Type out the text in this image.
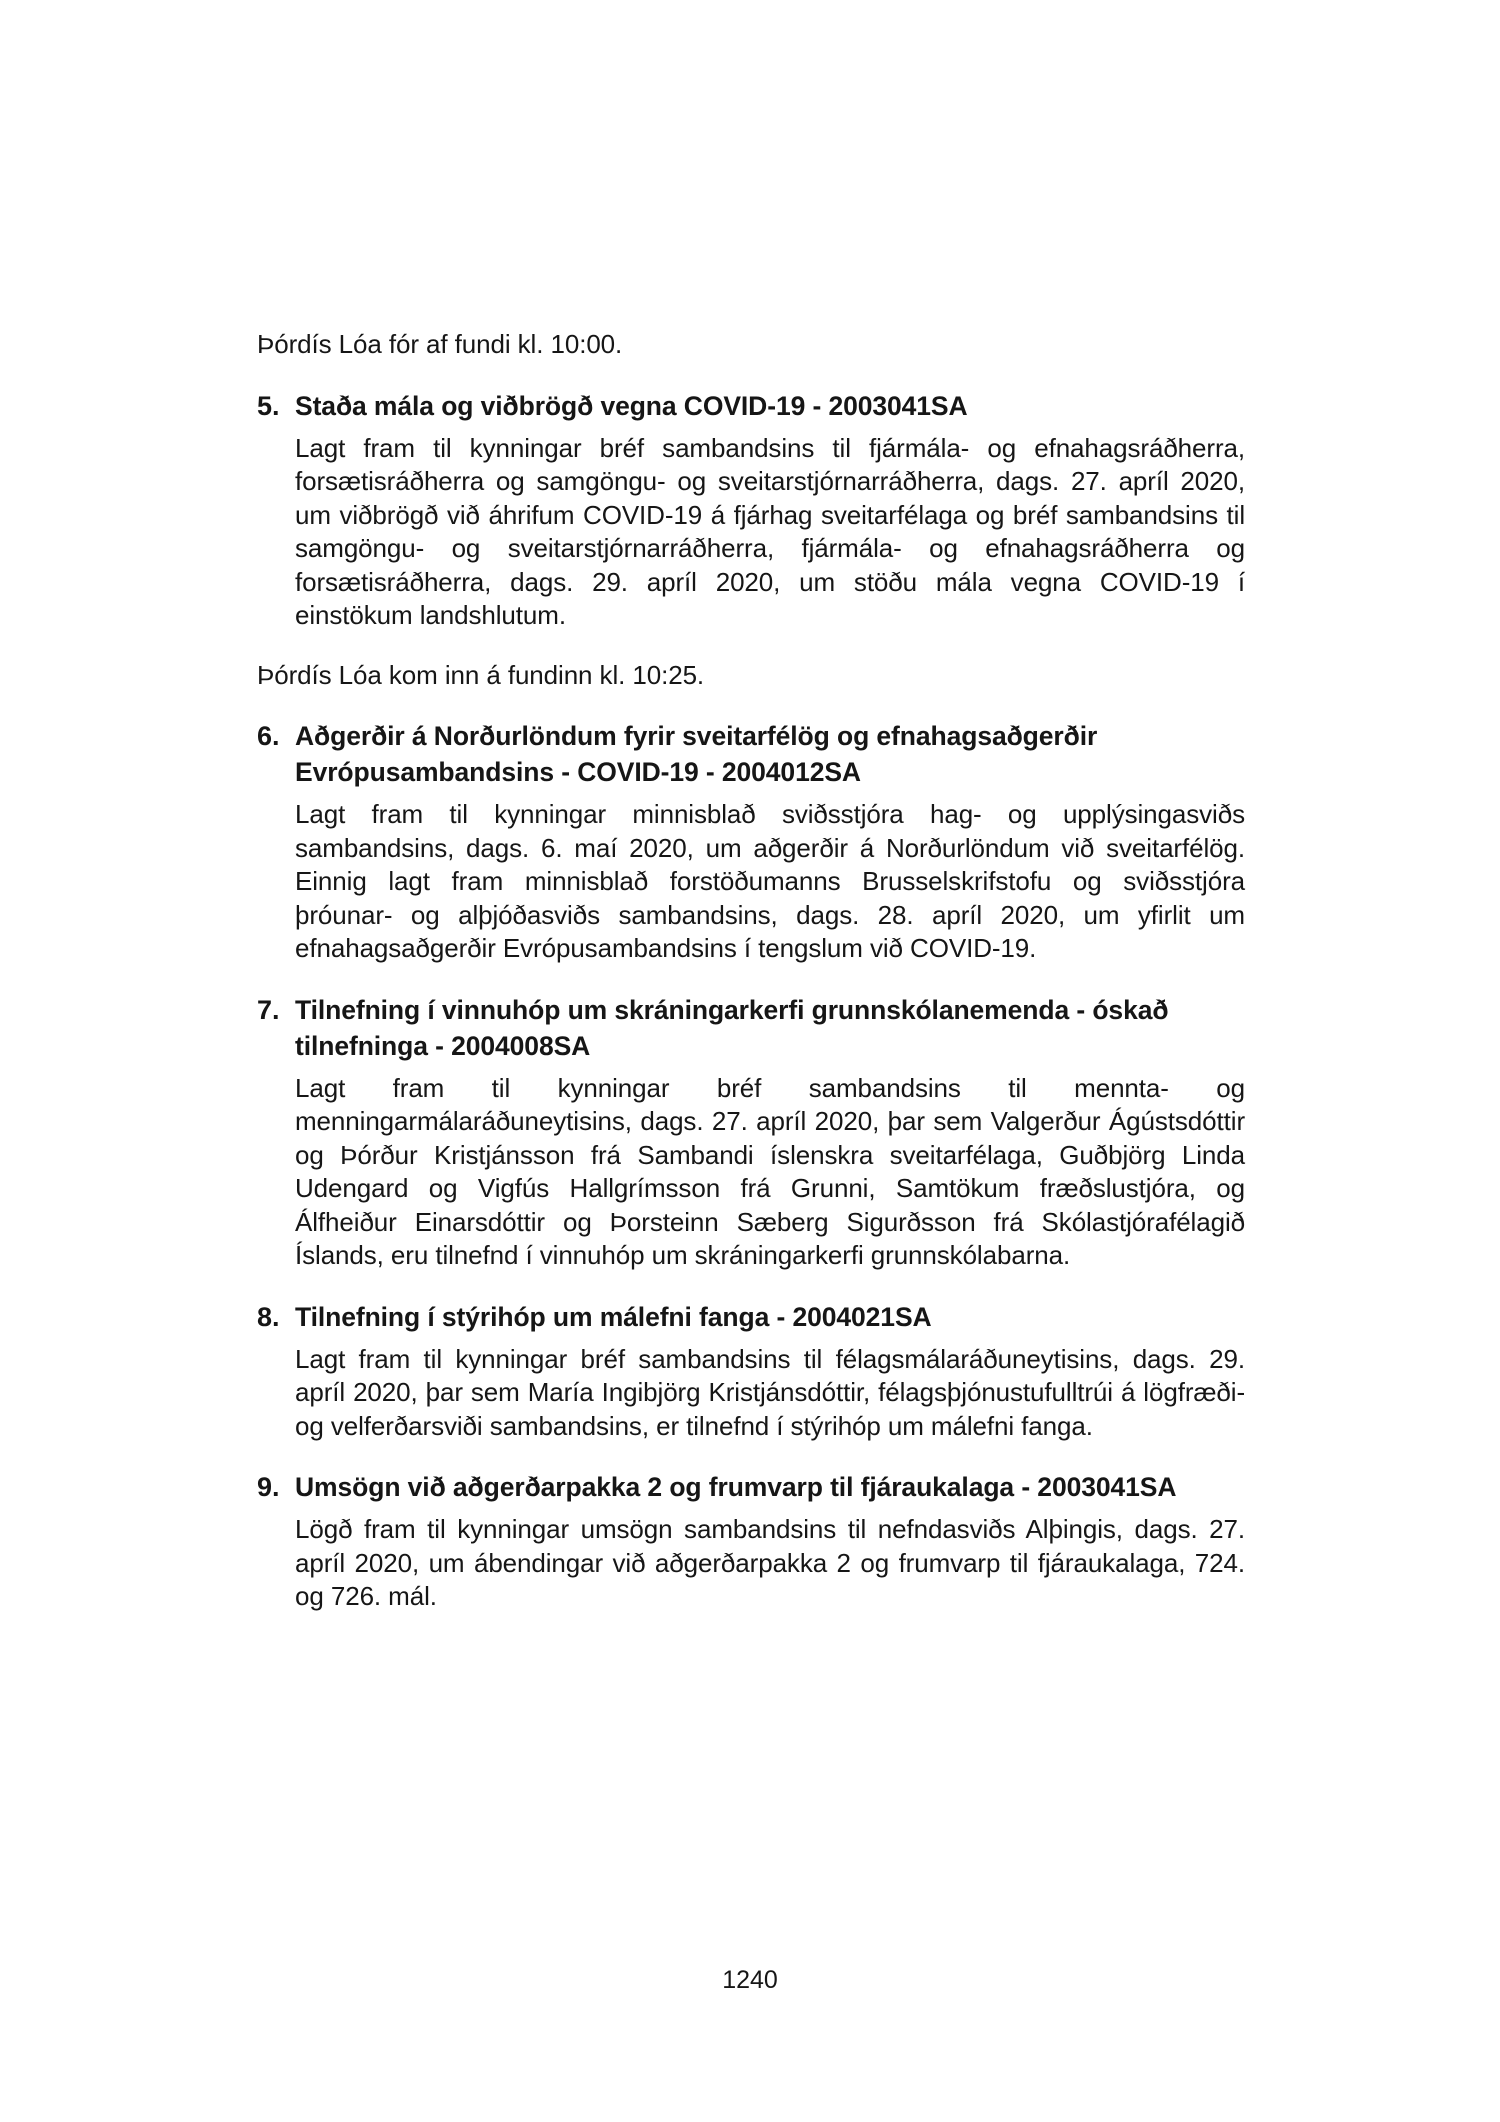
Þórdís Lóa fór af fundi kl. 10:00.

5. Staða mála og viðbrögð vegna COVID-19 - 2003041SA

Lagt fram til kynningar bréf sambandsins til fjármála- og efnahagsráðherra, forsætisráðherra og samgöngu- og sveitarstjórnarráðherra, dags. 27. apríl 2020, um viðbrögð við áhrifum COVID-19 á fjárhag sveitarfélaga og bréf sambandsins til samgöngu- og sveitarstjórnarráðherra, fjármála- og efnahagsráðherra og forsætisráðherra, dags. 29. apríl 2020, um stöðu mála vegna COVID-19 í einstökum landshlutum.

Þórdís Lóa kom inn á fundinn kl. 10:25.

6. Aðgerðir á Norðurlöndum fyrir sveitarfélög og efnahagsaðgerðir Evrópusambandsins - COVID-19 - 2004012SA

Lagt fram til kynningar minnisblað sviðsstjóra hag- og upplýsingasviðs sambandsins, dags. 6. maí 2020, um aðgerðir á Norðurlöndum við sveitarfélög. Einnig lagt fram minnisblað forstöðumanns Brusselskrifstofu og sviðsstjóra þróunar- og alþjóðasviðs sambandsins, dags. 28. apríl 2020, um yfirlit um efnahagsaðgerðir Evrópusambandsins í tengslum við COVID-19.

7. Tilnefning í vinnuhóp um skráningarkerfi grunnskólanemenda - óskað tilnefninga - 2004008SA

Lagt fram til kynningar bréf sambandsins til mennta- og menningarmálaráðuneytisins, dags. 27. apríl 2020, þar sem Valgerður Ágústsdóttir og Þórður Kristjánsson frá Sambandi íslenskra sveitarfélaga, Guðbjörg Linda Udengard og Vigfús Hallgrímsson frá Grunni, Samtökum fræðslustjóra, og Álfheiður Einarsdóttir og Þorsteinn Sæberg Sigurðsson frá Skólastjórafélagið Íslands, eru tilnefnd í vinnuhóp um skráningarkerfi grunnskólabarna.

8. Tilnefning í stýrihóp um málefni fanga - 2004021SA

Lagt fram til kynningar bréf sambandsins til félagsmálaráðuneytisins, dags. 29. apríl 2020, þar sem María Ingibjörg Kristjánsdóttir, félagsþjónustufulltrúi á lögfræði- og velferðarsviði sambandsins, er tilnefnd í stýrihóp um málefni fanga.

9. Umsögn við aðgerðarpakka 2 og frumvarp til fjáraukalaga - 2003041SA

Lögð fram til kynningar umsögn sambandsins til nefndasviðs Alþingis, dags. 27. apríl 2020, um ábendingar við aðgerðarpakka 2 og frumvarp til fjáraukalaga, 724. og 726. mál.

1240
